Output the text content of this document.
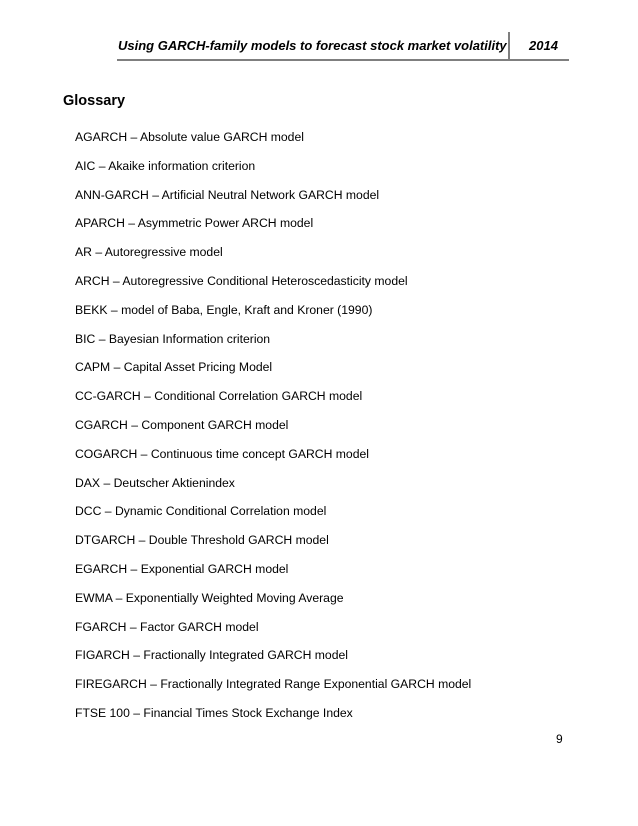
Using GARCH-family models to forecast stock market volatility 2014
Glossary
AGARCH – Absolute value GARCH model
AIC – Akaike information criterion
ANN-GARCH – Artificial Neutral Network GARCH model
APARCH – Asymmetric Power ARCH model
AR – Autoregressive model
ARCH – Autoregressive Conditional Heteroscedasticity model
BEKK – model of Baba, Engle, Kraft and Kroner (1990)
BIC – Bayesian Information criterion
CAPM – Capital Asset Pricing Model
CC-GARCH – Conditional Correlation GARCH model
CGARCH – Component GARCH model
COGARCH – Continuous time concept GARCH model
DAX – Deutscher Aktienindex
DCC – Dynamic Conditional Correlation model
DTGARCH – Double Threshold GARCH model
EGARCH – Exponential GARCH model
EWMA – Exponentially Weighted Moving Average
FGARCH – Factor GARCH model
FIGARCH – Fractionally Integrated GARCH model
FIREGARCH – Fractionally Integrated Range Exponential GARCH model
FTSE 100 – Financial Times Stock Exchange Index
9
